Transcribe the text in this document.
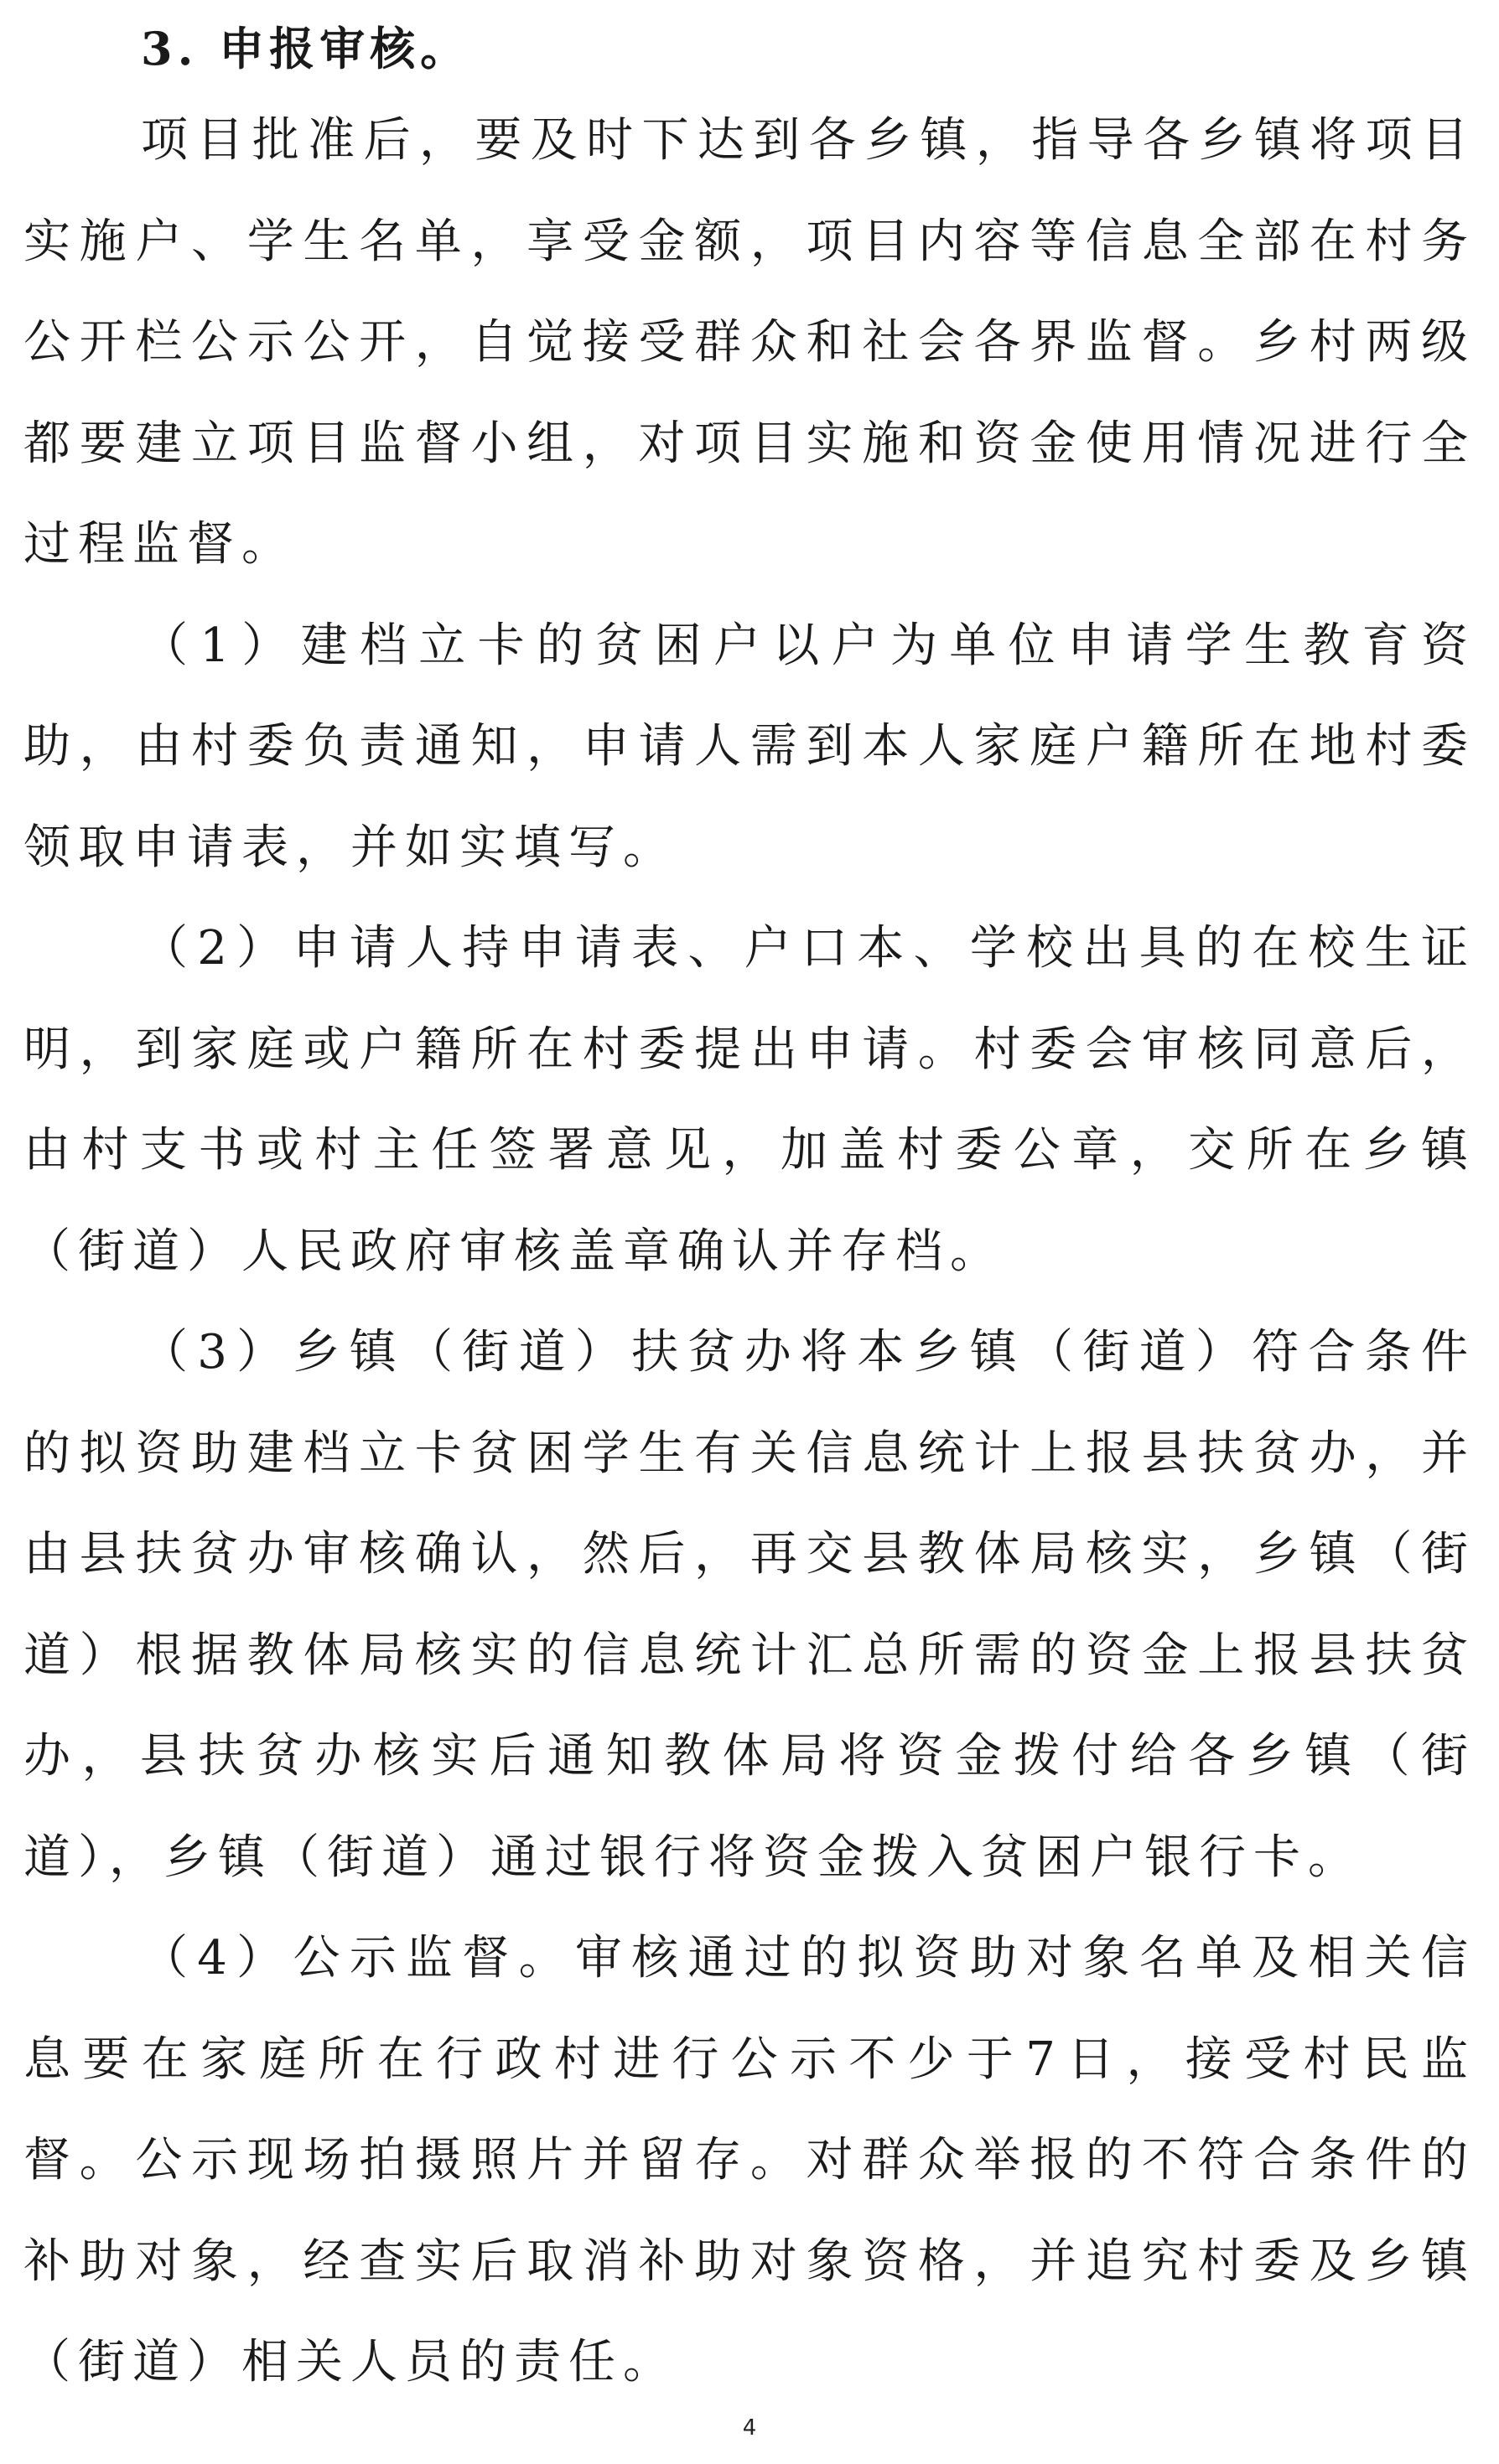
3. 申报审核。

项目批准后，要及时下达到各乡镇，指导各乡镇将项目实施户、学生名单，享受金额，项目内容等信息全部在村务公开栏公示公开，自觉接受群众和社会各界监督。乡村两级都要建立项目监督小组，对项目实施和资金使用情况进行全过程监督。

（1）建档立卡的贫困户以户为单位申请学生教育资助，由村委负责通知，申请人需到本人家庭户籍所在地村委领取申请表，并如实填写。

（2）申请人持申请表、户口本、学校出具的在校生证明，到家庭或户籍所在村委提出申请。村委会审核同意后，由村支书或村主任签署意见，加盖村委公章，交所在乡镇（街道）人民政府审核盖章确认并存档。

（3）乡镇（街道）扶贫办将本乡镇（街道）符合条件的拟资助建档立卡贫困学生有关信息统计上报县扶贫办，并由县扶贫办审核确认，然后，再交县教体局核实，乡镇（街道）根据教体局核实的信息统计汇总所需的资金上报县扶贫办，县扶贫办核实后通知教体局将资金拨付给各乡镇（街道），乡镇（街道）通过银行将资金拨入贫困户银行卡。

（4）公示监督。审核通过的拟资助对象名单及相关信息要在家庭所在行政村进行公示不少于7日，接受村民监督。公示现场拍摄照片并留存。对群众举报的不符合条件的补助对象，经查实后取消补助对象资格，并追究村委及乡镇（街道）相关人员的责任。

4
